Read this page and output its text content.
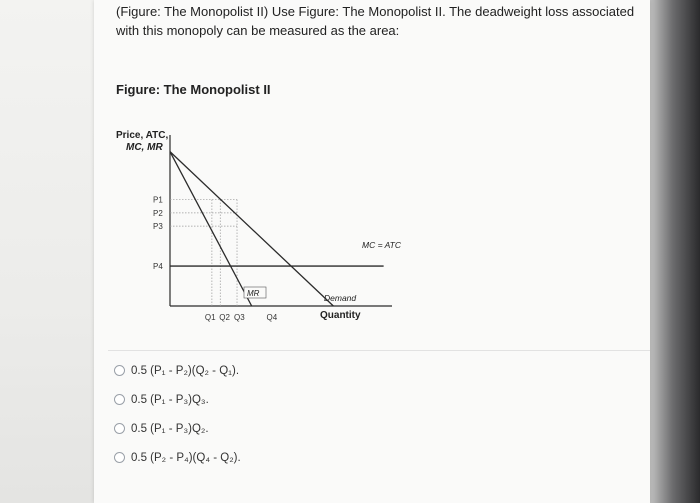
(Figure: The Monopolist II) Use Figure: The Monopolist II. The deadweight loss associated with this monopoly can be measured as the area:
Figure: The Monopolist II
Price, ATC,
MC, MR
P1
P2
P3
P4
Q1 Q2 Q3	Q4
MR	Demand
MC = ATC
Quantity
0.5 (P₁ - P₂)(Q₂ - Q₁).
0.5 (P₁ - P₃)Q₃.
0.5 (P₁ - P₃)Q₂.
0.5 (P₂ - P₄)(Q₄ - Q₂).
